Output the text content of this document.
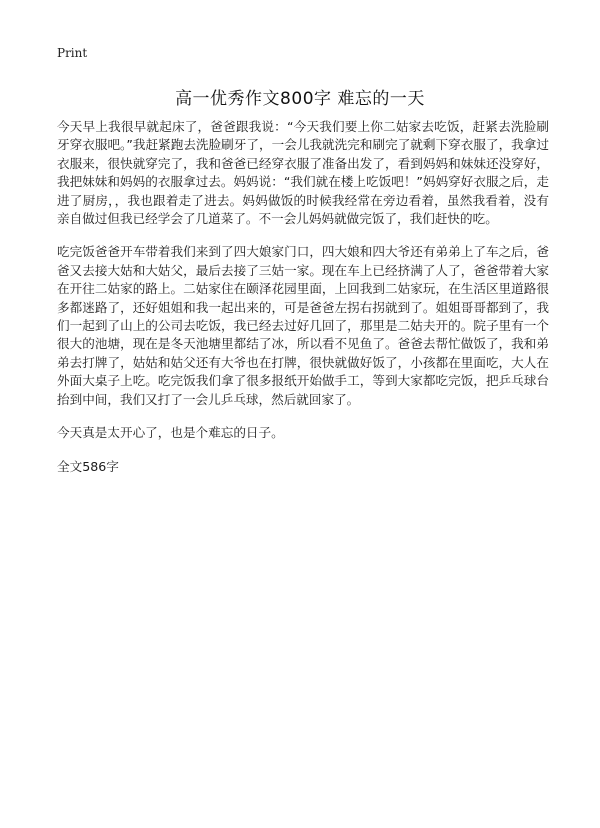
Print
高一优秀作文800字 难忘的一天

今天早上我很早就起床了，爸爸跟我说：“今天我们要上你二姑家去吃饭，赶紧去洗脸刷牙穿衣服吧。”我赶紧跑去洗脸刷牙了，一会儿我就洗完和刷完了就剩下穿衣服了，我拿过衣服来，很快就穿完了，我和爸爸已经穿衣服了准备出发了，看到妈妈和妹妹还没穿好，我把妹妹和妈妈的衣服拿过去。妈妈说：“我们就在楼上吃饭吧！”妈妈穿好衣服之后，走进了厨房，，我也跟着走了进去。妈妈做饭的时候我经常在旁边看着，虽然我看着，没有亲自做过但我已经学会了几道菜了。不一会儿妈妈就做完饭了，我们赶快的吃。

吃完饭爸爸开车带着我们来到了四大娘家门口，四大娘和四大爷还有弟弟上了车之后，爸爸又去接大姑和大姑父，最后去接了三姑一家。现在车上已经挤满了人了，爸爸带着大家在开往二姑家的路上。二姑家住在颐泽花园里面，上回我到二姑家玩，在生活区里道路很多都迷路了，还好姐姐和我一起出来的，可是爸爸左拐右拐就到了。姐姐哥哥都到了，我们一起到了山上的公司去吃饭，我已经去过好几回了，那里是二姑夫开的。院子里有一个很大的池塘，现在是冬天池塘里都结了冰，所以看不见鱼了。爸爸去帮忙做饭了，我和弟弟去打牌了，姑姑和姑父还有大爷也在打牌，很快就做好饭了，小孩都在里面吃，大人在外面大桌子上吃。吃完饭我们拿了很多报纸开始做手工，等到大家都吃完饭，把乒乓球台抬到中间，我们又打了一会儿乒乓球，然后就回家了。

今天真是太开心了，也是个难忘的日子。

全文586字
